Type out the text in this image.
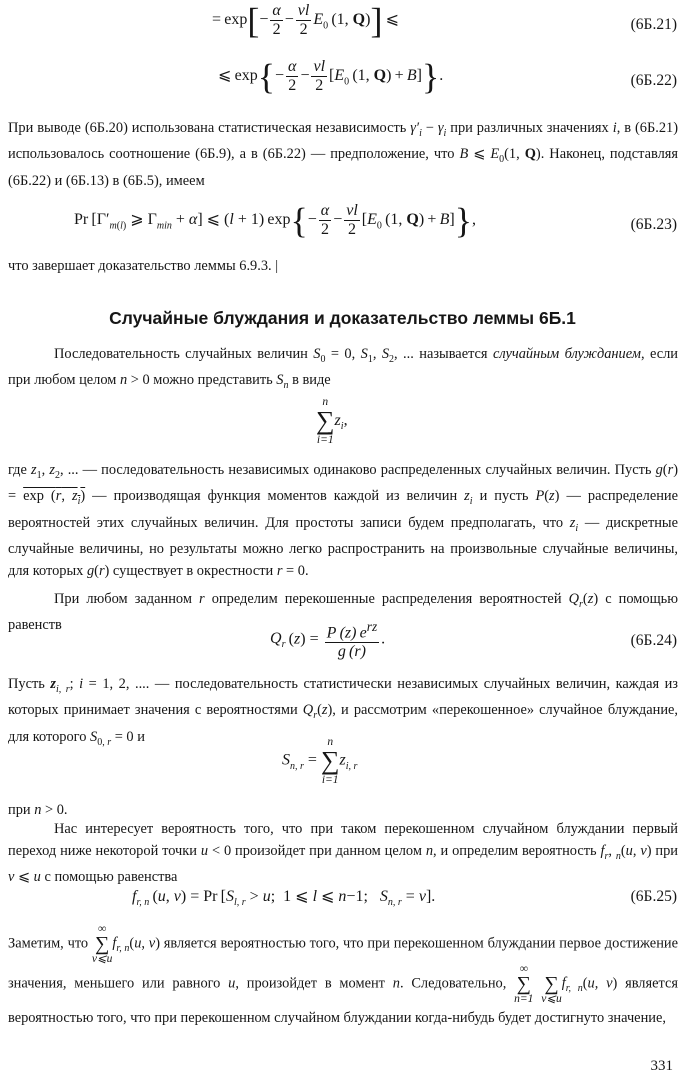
= $\exp[- \frac{\alpha}{2} - \frac{\nu l}{2} E_0$ (1, Q)] ⩽	(6Б.21)
⩽ $\exp\{- \frac{\alpha}{2} - \frac{\nu l}{2} [E_0$ (1, Q) + B]}.	(6Б.22)

При выводе (6Б.20) использована статистическая независимость $\gamma'_i - \gamma_i$ при различных значениях i, в (6Б.21) использовалось соотношение (6Б.9), а в (6Б.22) — предположение, что B ⩽ $E_0(1$, Q). Наконец, подставляя (6Б.22) и (6Б.13) в (6Б.5), имеем

Pr [$\Gamma'_{m(l)}$ ⩾ $\Gamma_{min} + \alpha$] ⩽ (l + 1) $\exp\{- \frac{\alpha}{2} - \frac{\nu l}{2} [E_0$ (1, Q) + B]},	(6Б.23)

что завершает доказательство леммы 6.9.3. |

Случайные блуждания и доказательство леммы 6Б.1

Последовательность случайных величин $S_0 = 0$, $S_1$, $S_2$, ... называется случайным блужданием, если при любом целом n > 0 можно представить $S_n$ в виде

n
∑
i=1
$z_i$,

где $z_1$, $z_2$, ... — последовательность независимых одинаково распределенных случайных величин. Пусть g(r) = exp (r, $z_i$) — производящая функция моментов каждой из величин $z_i$ и пусть P(z) — распределение вероятностей этих случайных величин. Для простоты записи будем предполагать, что $z_i$ — дискретные случайные величины, но результаты можно легко распространить на произвольные случайные величины, для которых g(r) существует в окрестности r = 0.

При любом заданном r определим перекошенные распределения вероятностей $Q_r(z)$ с помощью равенств

$Q_r$ $(z) = \frac{P (z) e^{rz}}{g (r)}$ .	(6Б.24)

Пусть $z_{i, r}$; i = 1, 2, .... — последовательность статистически независимых случайных величин, каждая из которых принимает значения с вероятностями $Q_r(z)$, и рассмотрим «перекошенное» случайное блуждание, для которого $S_{0, r} = 0$ и

$S_{n, r}$ =
n
∑
i=1
$z_{i, r}$

при n > 0.

Нас интересует вероятность того, что при таком перекошенном случайном блуждании первый переход ниже некоторой точки u < 0 произойдет при данном целом n, и определим вероятность $f_r$, $_n$(u, v) при v ⩽ u с помощью равенства

$f_{r, n}$ (u, v) = Pr [$S_{l, r} > u$;  1 ⩽ l ⩽ n−1;   $S_{n, r} = v$].	(6Б.25)
Заметим, что
∞
∑
v⩽u
$f_{r, n}(u$, v) является вероятностью того, что при перекошенном блуждании первое достижение значения, меньшего или равного u, произойдет в момент n. Следовательно,
∞
∑
n=1

∑
v⩽u
$f_{r, n}(u$, v) является вероятностью того, что при перекошенном случайном блуждании когда-нибудь будет достигнуто значение,
331
